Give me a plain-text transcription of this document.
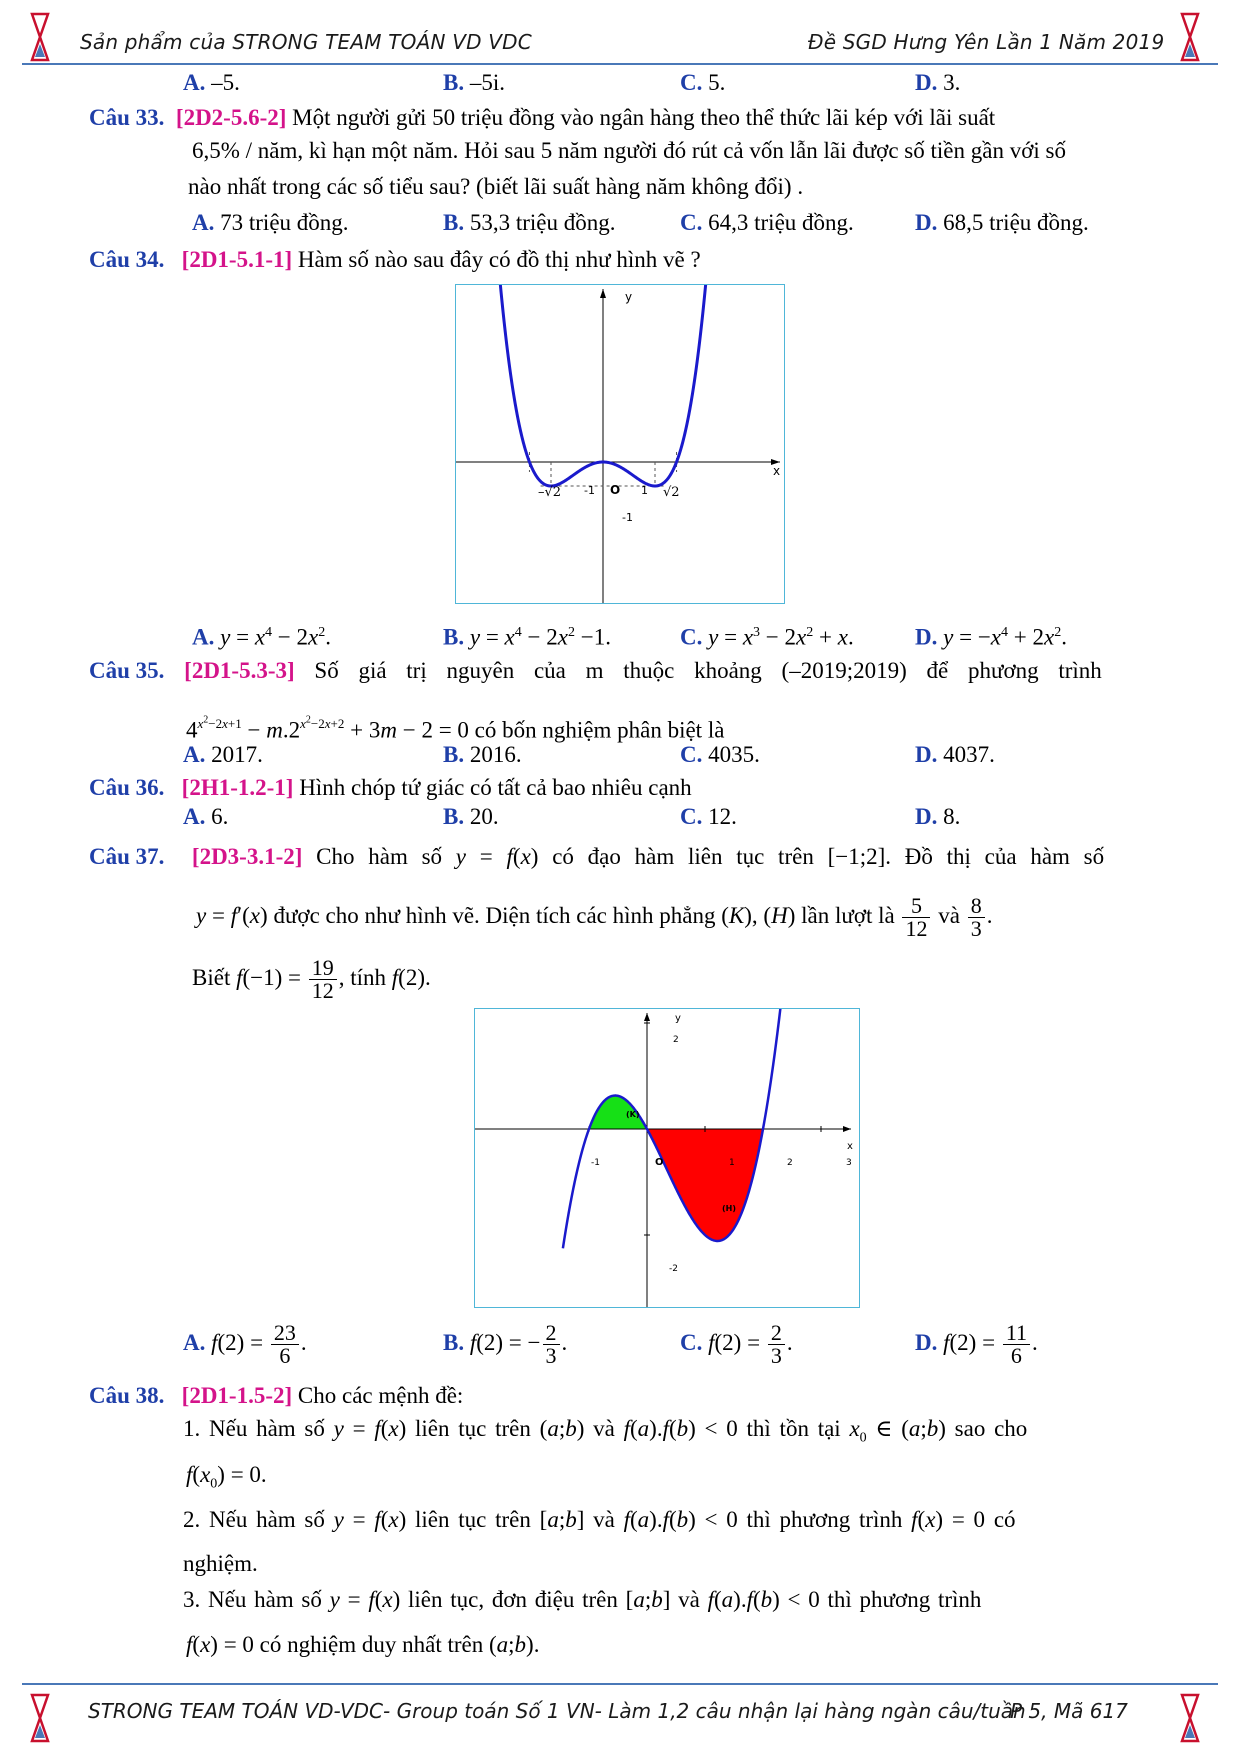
Sản phẩm của STRONG TEAM TOÁN VD VDC	Đề SGD Hưng Yên Lần 1 Năm 2019
A. –5.	B. –5i.	C. 5.	D. 3.
Câu 33. [2D2-5.6-2] Một người gửi 50 triệu đồng vào ngân hàng theo thể thức lãi kép với lãi suất
6,5% / năm, kì hạn một năm. Hỏi sau 5 năm người đó rút cả vốn lẫn lãi được số tiền gần với số
nào nhất trong các số tiểu sau? (biết lãi suất hàng năm không đổi) .
A. 73 triệu đồng.	B. 53,3 triệu đồng.	C. 64,3 triệu đồng.	D. 68,5 triệu đồng.
Câu 34. [2D1-5.1-1] Hàm số nào sau đây có đồ thị như hình vẽ ?
x
y
O
–√2 -1	1 √2
-1
A. $y = x^4 - 2x^2$.	B. $y = x^4 - 2x^2 -1$.	C. $y = x^3 - 2x^2 + x$.	D. $y = -x^4 + 2x^2$.
Câu 35. [2D1-5.3-3] Số giá trị nguyên của m thuộc khoảng (–2019;2019) để phương trình
$4^{x^2-2x+1} - m.2^{x^2-2x+2} + 3m - 2 = 0$ có bốn nghiệm phân biệt là
A. 2017.	B. 2016.	C. 4035.	D. 4037.
Câu 36. [2H1-1.2-1] Hình chóp tứ giác có tất cả bao nhiêu cạnh
A. 6.	B. 20.	C. 12.	D. 8.
Câu 37. [2D3-3.1-2] Cho hàm số y = f(x) có đạo hàm liên tục trên [−1;2]. Đồ thị của hàm số
y = f′(x) được cho như hình vẽ. Diện tích các hình phẳng (K), (H) lần lượt là $\frac{5}{12}$ và $\frac{8}{3}$ .
Biết $f(-1) = \frac{19}{12}$ , tính f(2).
x
y
O
-1	1	2	3
2
-2
(K)
(H)
A. $f(2) = \frac{23}{6}$ .	B. f(2) = − $\frac{2}{3}$ .	C. $f(2) = \frac{2}{3}$ .	D. $f(2) = \frac{11}{6}$ .
Câu 38. [2D1-1.5-2] Cho các mệnh đề:
1. Nếu hàm số y = f(x) liên tục trên (a;b) và f(a).f(b) < 0 thì tồn tại $x_0$ ∈ (a;b) sao cho
$f(x_0) = 0$.
2. Nếu hàm số y = f(x) liên tục trên [a;b] và f(a).f(b) < 0 thì phương trình f(x) = 0 có
nghiệm.
3. Nếu hàm số y = f(x) liên tục, đơn điệu trên [a;b] và f(a).f(b) < 0 thì phương trình
f(x) = 0 có nghiệm duy nhất trên (a;b).
STRONG TEAM TOÁN VD-VDC- Group toán Số 1 VN- Làm 1,2 câu nhận lại hàng ngàn câu/tuần
P 5, Mã 617
